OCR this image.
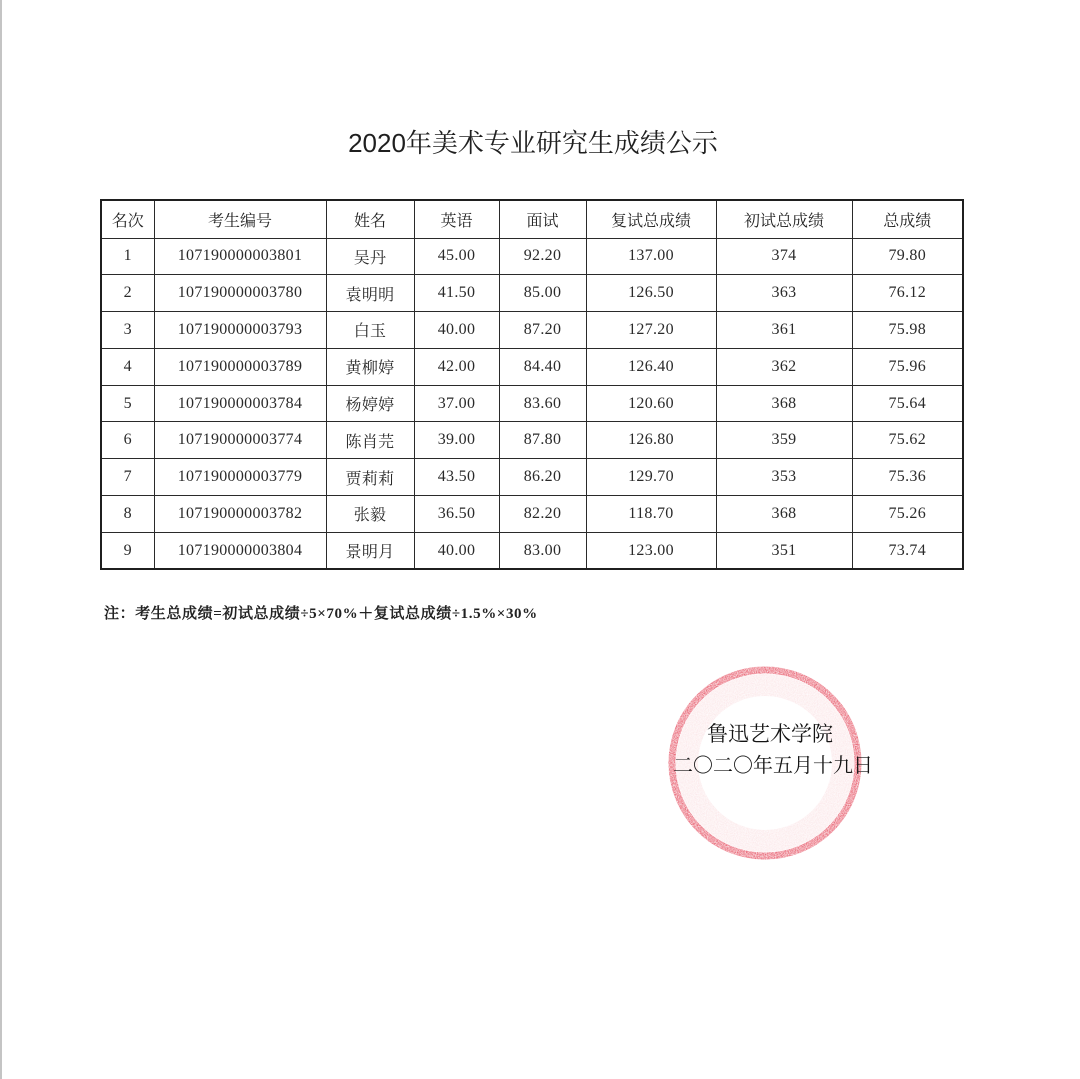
2020年美术专业研究生成绩公示
名次	考生编号	姓名	英语	面试	复试总成绩	初试总成绩	总成绩
1	107190000003801	吴丹	45.00	92.20	137.00	374	79.80
2	107190000003780	袁明明	41.50	85.00	126.50	363	76.12
3	107190000003793	白玉	40.00	87.20	127.20	361	75.98
4	107190000003789	黄柳婷	42.00	84.40	126.40	362	75.96
5	107190000003784	杨婷婷	37.00	83.60	120.60	368	75.64
6	107190000003774	陈肖芫	39.00	87.80	126.80	359	75.62
7	107190000003779	贾莉莉	43.50	86.20	129.70	353	75.36
8	107190000003782	张毅	36.50	82.20	118.70	368	75.26
9	107190000003804	景明月	40.00	83.00	123.00	351	73.74
注：考生总成绩=初试总成绩÷5×70%＋复试总成绩÷1.5%×30%
鲁迅艺术学院
二〇二〇年五月十九日
